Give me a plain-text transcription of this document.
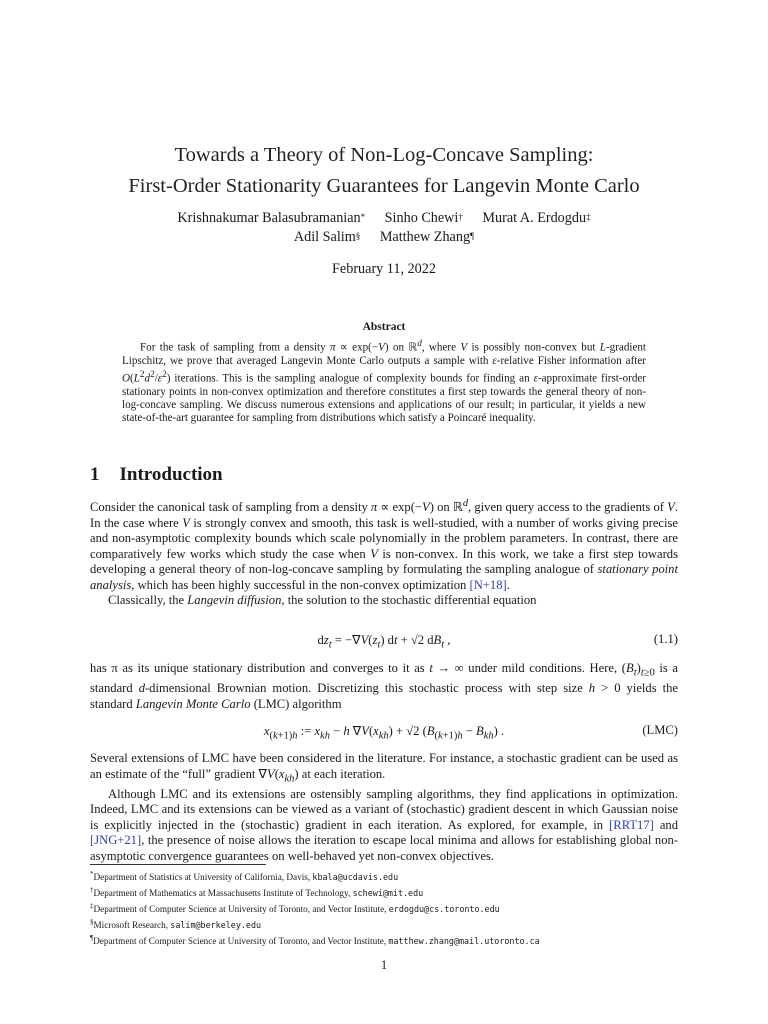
Towards a Theory of Non-Log-Concave Sampling:
First-Order Stationarity Guarantees for Langevin Monte Carlo
Krishnakumar Balasubramanian* Sinho Chewi† Murat A. Erdogdu‡
Adil Salim§ Matthew Zhang¶
February 11, 2022
Abstract

For the task of sampling from a density π ∝ exp(−V) on ℝ$^d$, where V is possibly non-convex but L-gradient Lipschitz, we prove that averaged Langevin Monte Carlo outputs a sample with ε-relative Fisher information after $O(L^2d^2/\varepsilon^2)$ iterations. This is the sampling analogue of complexity bounds for finding an ε-approximate first-order stationary points in non-convex optimization and therefore constitutes a first step towards the general theory of non-log-concave sampling. We discuss numerous extensions and applications of our result; in particular, it yields a new state-of-the-art guarantee for sampling from distributions which satisfy a Poincaré inequality.

1 Introduction

Consider the canonical task of sampling from a density π ∝ exp(−V) on ℝ$^d$, given query access to the gradients of V. In the case where V is strongly convex and smooth, this task is well-studied, with a number of works giving precise and non-asymptotic complexity bounds which scale polynomially in the problem parameters. In contrast, there are comparatively few works which study the case when V is non-convex. In this work, we take a first step towards developing a general theory of non-log-concave sampling by formulating the sampling analogue of stationary point analysis, which has been highly successful in the non-convex optimization [N+18].

Classically, the Langevin diffusion, the solution to the stochastic differential equation

$dz_t = -\nabla V(z_t)$ dt + √2 $dB_t$ ,	(1.1)

has π as its unique stationary distribution and converges to it as t → ∞ under mild conditions. Here, $(B_t)_{t\ge 0}$ is a standard d-dimensional Brownian motion. Discretizing this stochastic process with step size h > 0 yields the standard Langevin Monte Carlo (LMC) algorithm

$x_{(k+1)h}$ := $x_{kh} - h$ $\nabla V(x_{kh}) + √2$ $(B_{(k+1)h} - B_{kh})$ .	(LMC)

Several extensions of LMC have been considered in the literature. For instance, a stochastic gradient can be used as an estimate of the “full” gradient $\nabla V(x_{kh})$ at each iteration.

Although LMC and its extensions are ostensibly sampling algorithms, they find applications in optimization. Indeed, LMC and its extensions can be viewed as a variant of (stochastic) gradient descent in which Gaussian noise is explicitly injected in the (stochastic) gradient in each iteration. As explored, for example, in [RRT17] and [JNG+21], the presence of noise allows the iteration to escape local minima and allows for establishing global non-asymptotic convergence guarantees on well-behaved yet non-convex objectives.

*Department of Statistics at University of California, Davis, kbala@ucdavis.edu
†Department of Mathematics at Massachusetts Institute of Technology, schewi@mit.edu
‡Department of Computer Science at University of Toronto, and Vector Institute, erdogdu@cs.toronto.edu
§Microsoft Research, salim@berkeley.edu
¶Department of Computer Science at University of Toronto, and Vector Institute, matthew.zhang@mail.utoronto.ca
1
